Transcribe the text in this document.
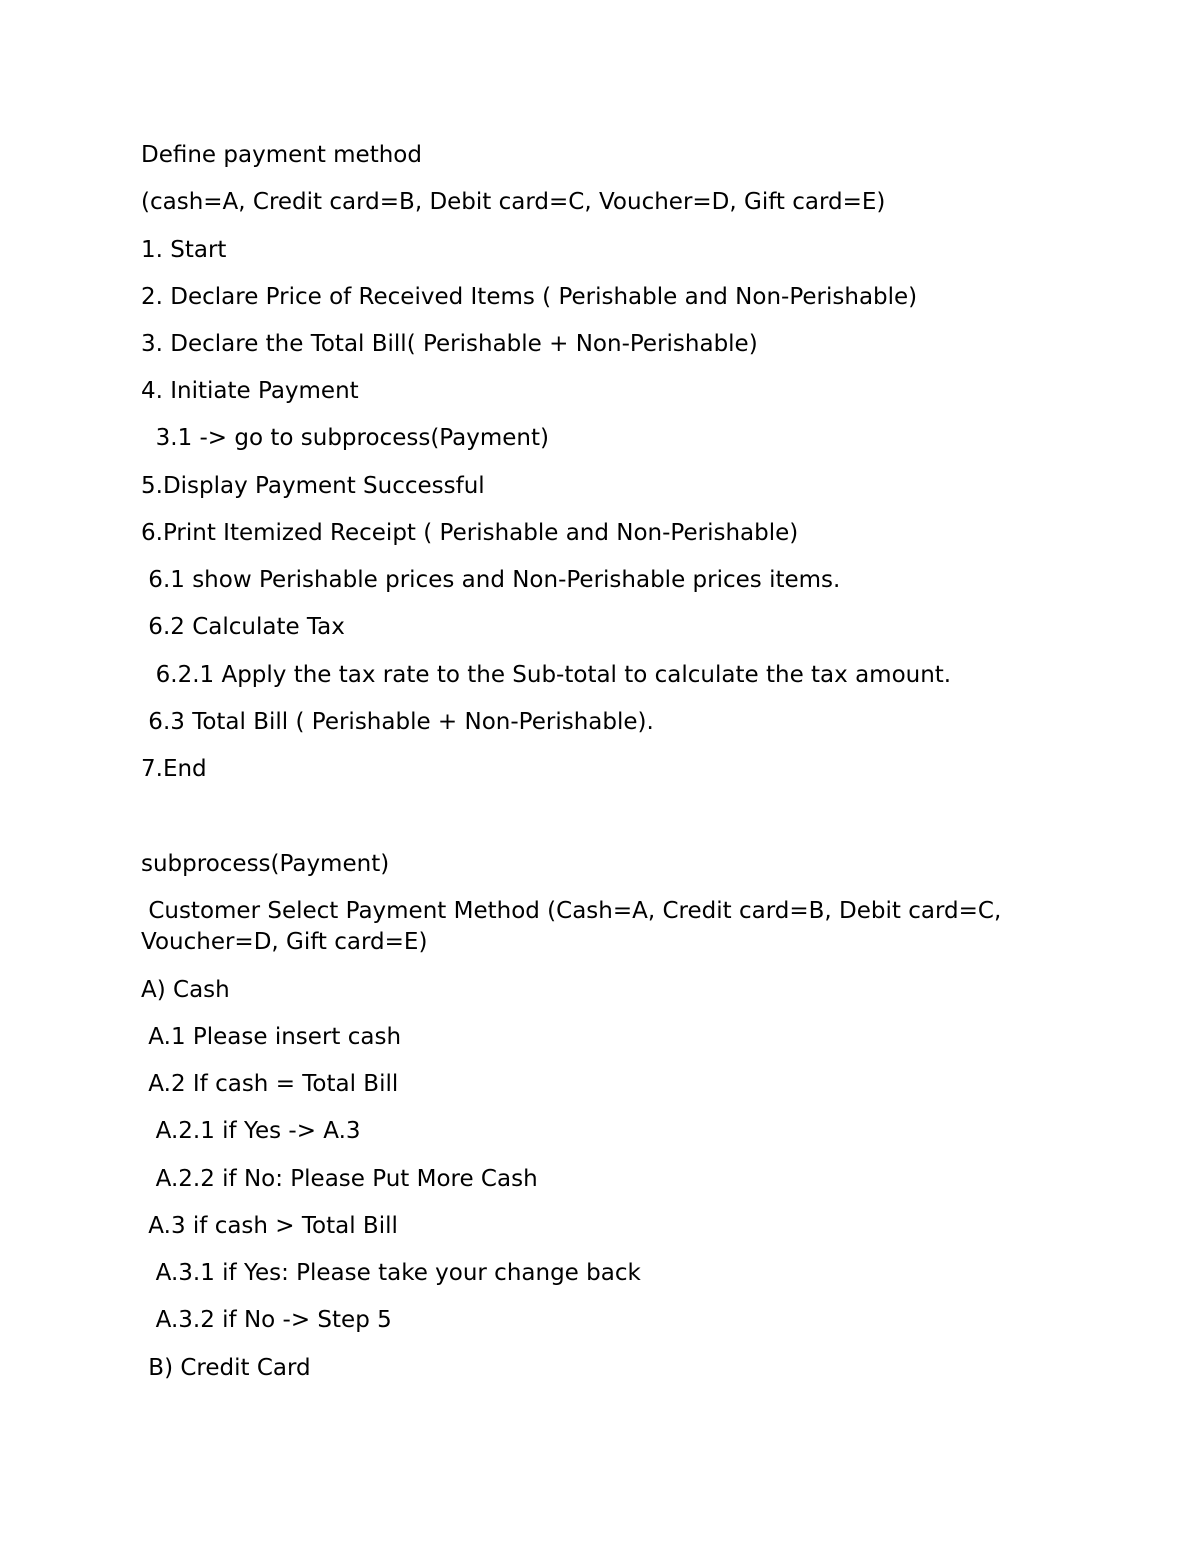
Define payment method
(cash=A, Credit card=B, Debit card=C, Voucher=D, Gift card=E)
1. Start
2. Declare Price of Received Items ( Perishable and Non-Perishable)
3. Declare the Total Bill( Perishable + Non-Perishable)
4. Initiate Payment
3.1 -> go to subprocess(Payment)
5.Display Payment Successful
6.Print Itemized Receipt ( Perishable and Non-Perishable)
6.1 show Perishable prices and Non-Perishable prices items.
6.2 Calculate Tax
6.2.1 Apply the tax rate to the Sub-total to calculate the tax amount.
6.3 Total Bill ( Perishable + Non-Perishable).
7.End
subprocess(Payment)
Customer Select Payment Method (Cash=A, Credit card=B, Debit card=C,
Voucher=D, Gift card=E)
A) Cash
A.1 Please insert cash
A.2 If cash = Total Bill
A.2.1 if Yes -> A.3
A.2.2 if No: Please Put More Cash
A.3 if cash > Total Bill
A.3.1 if Yes: Please take your change back
A.3.2 if No -> Step 5
B) Credit Card
